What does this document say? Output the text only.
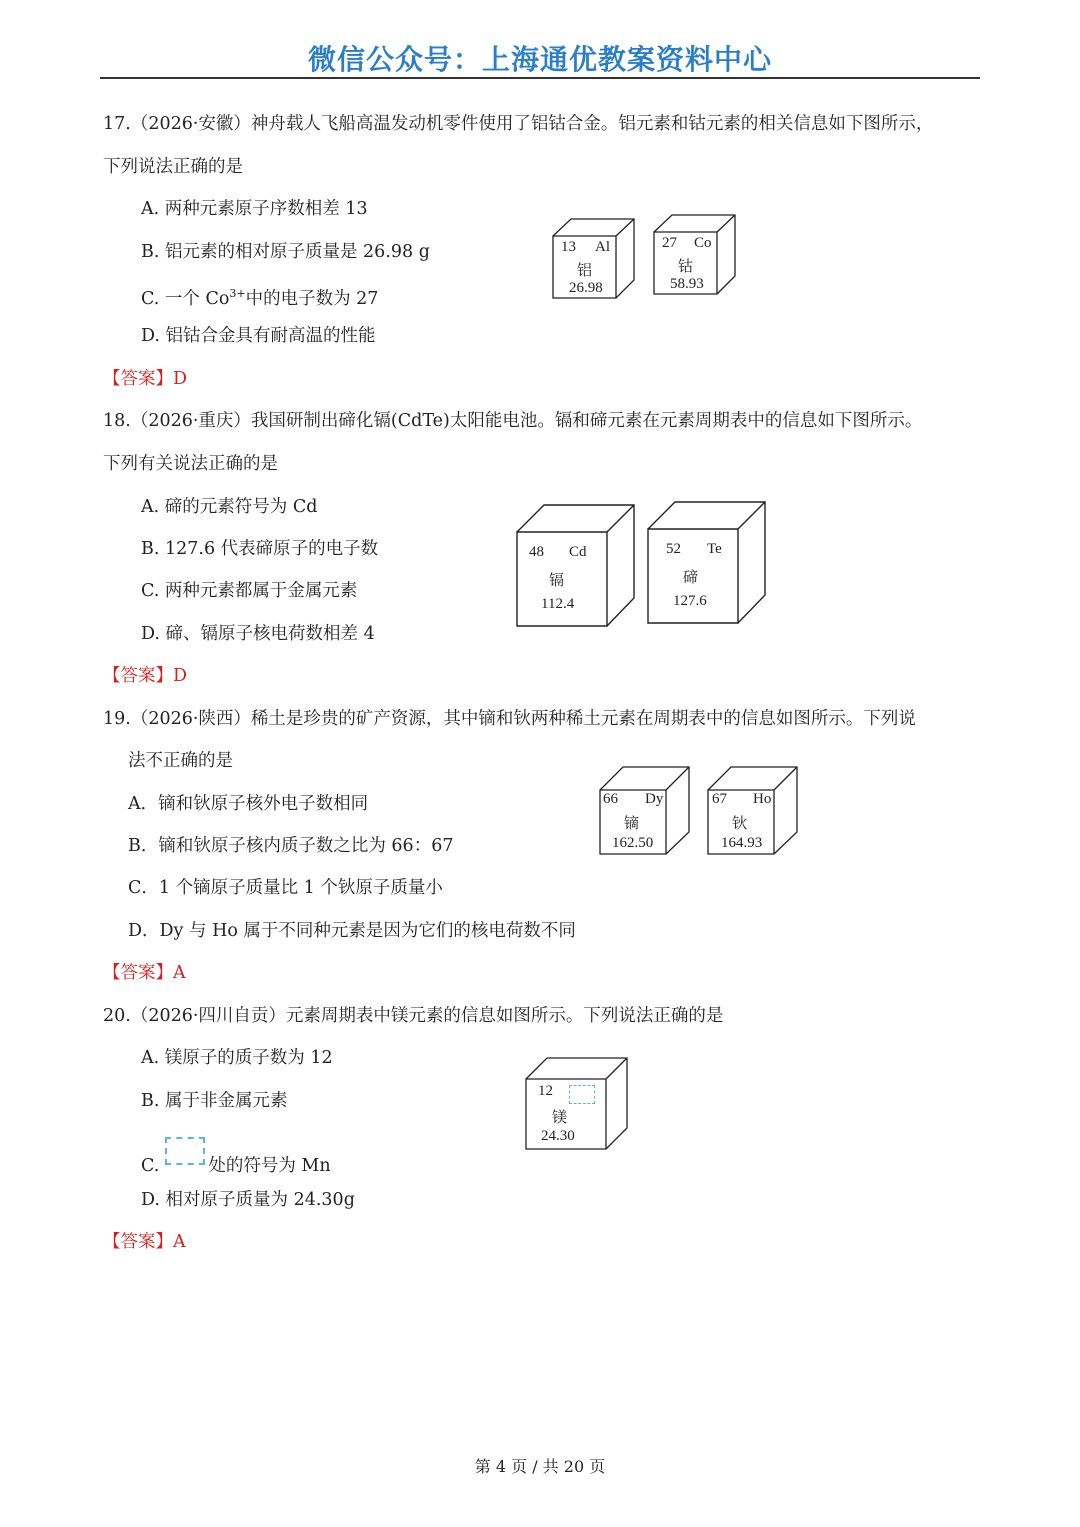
微信公众号：上海通优教案资料中心
17.（2026·安徽）神舟载人飞船高温发动机零件使用了铝钴合金。铝元素和钴元素的相关信息如下图所示，
下列说法正确的是
A. 两种元素原子序数相差 13
B. 铝元素的相对原子质量是 26.98 g
C. 一个 $Co^{3+}$中的电子数为 27
D. 铝钴合金具有耐高温的性能
【答案】D
13 Al
铝
26.98
27 Co
钴
58.93
18.（2026·重庆）我国研制出碲化镉(CdTe)太阳能电池。镉和碲元素在元素周期表中的信息如下图所示。
下列有关说法正确的是
A. 碲的元素符号为 Cd
B. 127.6 代表碲原子的电子数
C. 两种元素都属于金属元素
D. 碲、镉原子核电荷数相差 4
【答案】D
48 Cd
镉
112.4
52 Te
碲
127.6
19.（2026·陕西）稀土是珍贵的矿产资源，其中镝和钬两种稀土元素在周期表中的信息如图所示。下列说
法不正确的是
A．镝和钬原子核外电子数相同
B．镝和钬原子核内质子数之比为 66：67
C．1 个镝原子质量比 1 个钬原子质量小
D．Dy 与 Ho 属于不同种元素是因为它们的核电荷数不同
【答案】A
66 Dy
镝
162.50
67 Ho
钬
164.93
20.（2026·四川自贡）元素周期表中镁元素的信息如图所示。下列说法正确的是
A. 镁原子的质子数为 12
B. 属于非金属元素
C.	处的符号为 Mn
D. 相对原子质量为 24.30g
【答案】A
12
镁
24.30
第 4 页 / 共 20 页
